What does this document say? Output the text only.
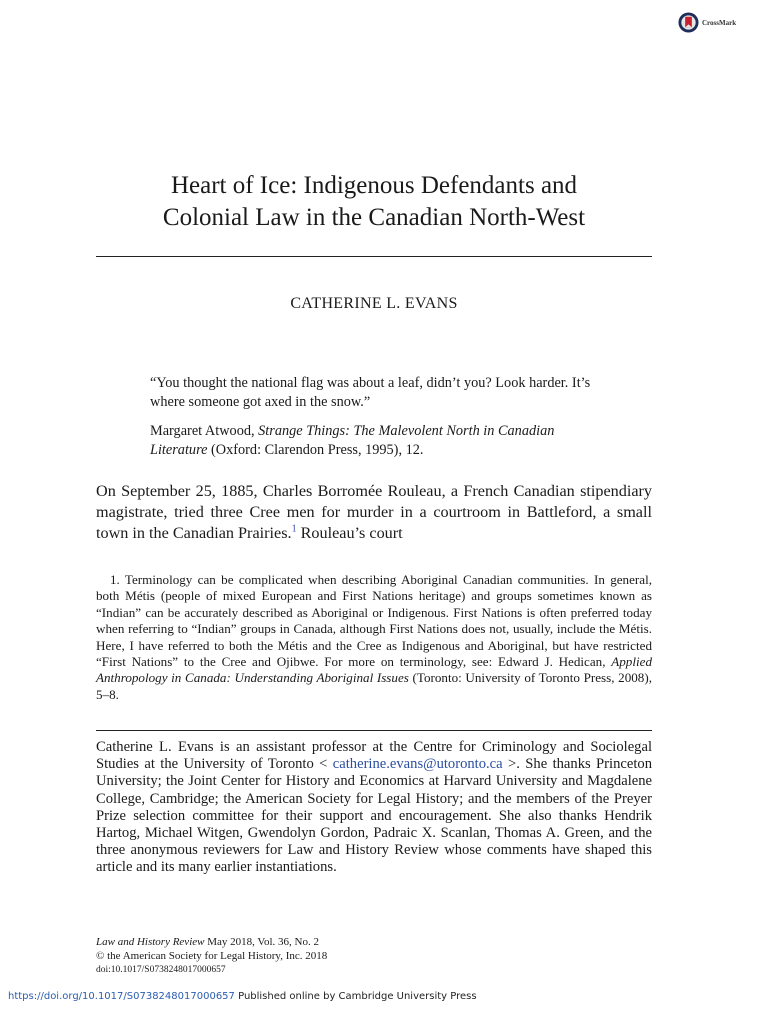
CrossMark
Heart of Ice: Indigenous Defendants and
Colonial Law in the Canadian North-West
CATHERINE L. EVANS

“You thought the national flag was about a leaf, didn’t you? Look harder. It’s where someone got axed in the snow.”

Margaret Atwood, Strange Things: The Malevolent North in Canadian Literature (Oxford: Clarendon Press, 1995), 12.

On September 25, 1885, Charles Borromée Rouleau, a French Canadian stipendiary magistrate, tried three Cree men for murder in a courtroom in Battleford, a small town in the Canadian Prairies.$^1$ Rouleau’s court

1. Terminology can be complicated when describing Aboriginal Canadian communities. In general, both Métis (people of mixed European and First Nations heritage) and groups sometimes known as “Indian” can be accurately described as Aboriginal or Indigenous. First Nations is often preferred today when referring to “Indian” groups in Canada, although First Nations does not, usually, include the Métis. Here, I have referred to both the Métis and the Cree as Indigenous and Aboriginal, but have restricted “First Nations” to the Cree and Ojibwe. For more on terminology, see: Edward J. Hedican, Applied Anthropology in Canada: Understanding Aboriginal Issues (Toronto: University of Toronto Press, 2008), 5–8.

Catherine L. Evans is an assistant professor at the Centre for Criminology and Sociolegal Studies at the University of Toronto < catherine.evans@utoronto.ca >. She thanks Princeton University; the Joint Center for History and Economics at Harvard University and Magdalene College, Cambridge; the American Society for Legal History; and the members of the Preyer Prize selection committee for their support and encouragement. She also thanks Hendrik Hartog, Michael Witgen, Gwendolyn Gordon, Padraic X. Scanlan, Thomas A. Green, and the three anonymous reviewers for Law and History Review whose comments have shaped this article and its many earlier instantiations.

Law and History Review May 2018, Vol. 36, No. 2
© the American Society for Legal History, Inc. 2018
doi:10.1017/S0738248017000657
https://doi.org/10.1017/S0738248017000657 Published online by Cambridge University Press
